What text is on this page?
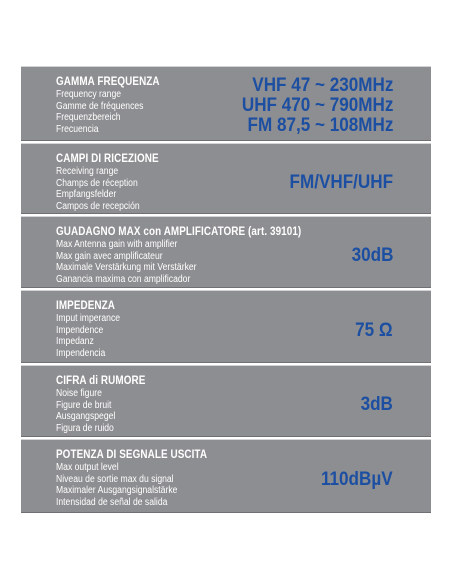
GAMMA FREQUENZA
Frequency range
Gamme de fréquences
Frequenzbereich
Frecuencia
VHF 47 ~ 230MHz
UHF 470 ~ 790MHz
FM 87,5 ~ 108MHz
CAMPI DI RICEZIONE
Receiving range
Champs de réception
Empfangsfelder
Campos de recepción
FM/VHF/UHF
GUADAGNO MAX con AMPLIFICATORE (art. 39101)
Max Antenna gain with amplifier
Max gain avec amplificateur
Maximale Verstärkung mit Verstärker
Ganancia maxima con amplificador
30dB
IMPEDENZA
Imput imperance
Impendence
Impedanz
Impendencia
75 Ω
CIFRA di RUMORE
Noise figure
Figure de bruit
Ausgangspegel
Figura de ruido
3dB
POTENZA DI SEGNALE USCITA
Max output level
Niveau de sortie max du signal
Maximaler Ausgangsignalstärke
Intensidad de señal de salida
110dBµV
